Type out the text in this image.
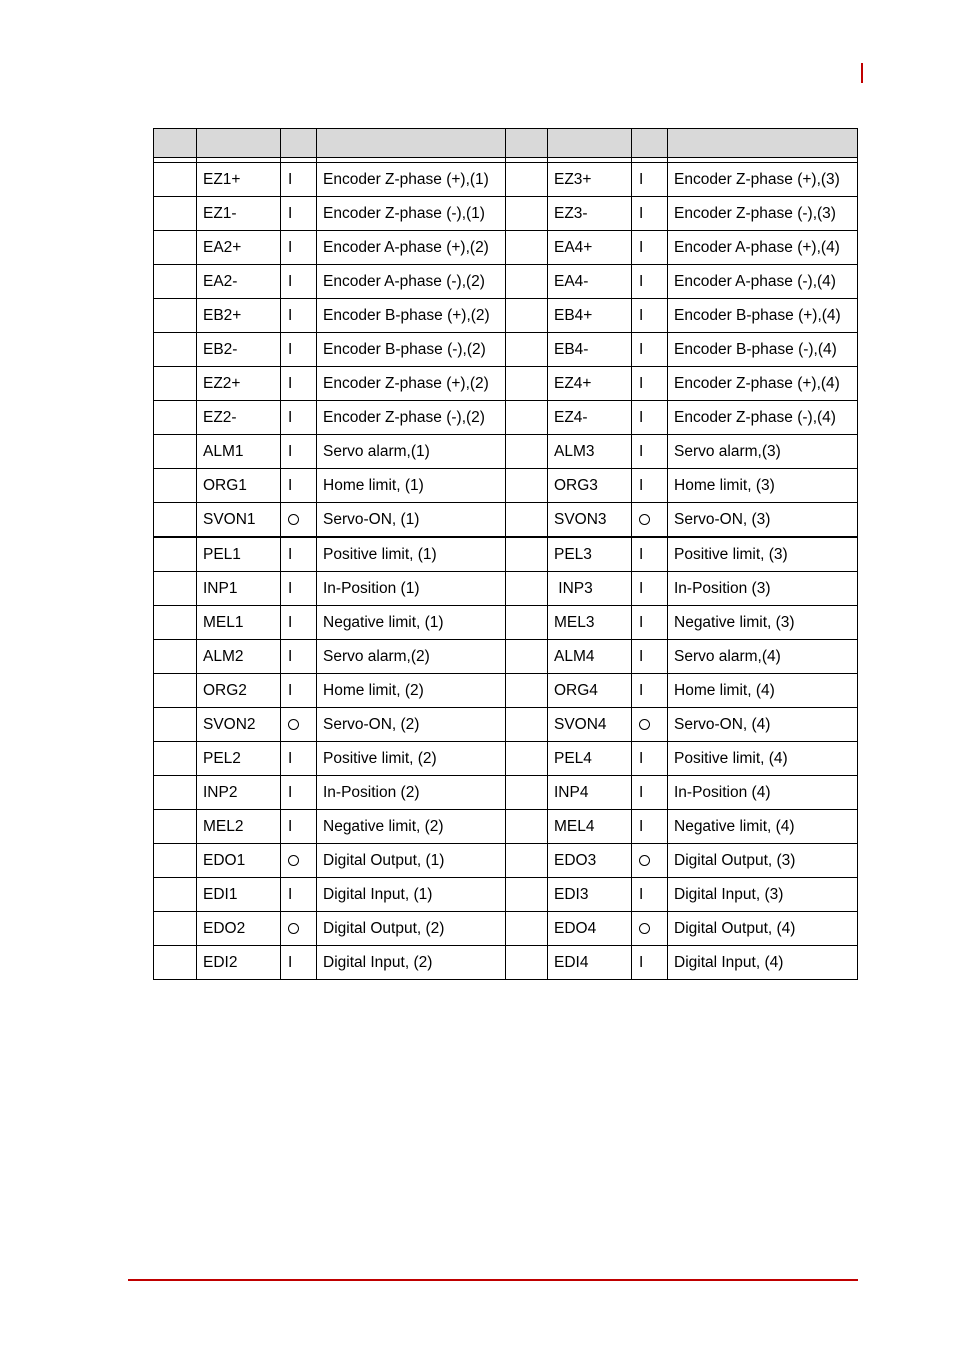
	EZ1+	I	Encoder Z-phase (+),(1)		EZ3+	I	Encoder Z-phase (+),(3)
	EZ1-	I	Encoder Z-phase (-),(1)		EZ3-	I	Encoder Z-phase (-),(3)
	EA2+	I	Encoder A-phase (+),(2)		EA4+	I	Encoder A-phase (+),(4)
	EA2-	I	Encoder A-phase (-),(2)		EA4-	I	Encoder A-phase (-),(4)
	EB2+	I	Encoder B-phase (+),(2)		EB4+	I	Encoder B-phase (+),(4)
	EB2-	I	Encoder B-phase (-),(2)		EB4-	I	Encoder B-phase (-),(4)
	EZ2+	I	Encoder Z-phase (+),(2)		EZ4+	I	Encoder Z-phase (+),(4)
	EZ2-	I	Encoder Z-phase (-),(2)		EZ4-	I	Encoder Z-phase (-),(4)
	ALM1	I	Servo alarm,(1)		ALM3	I	Servo alarm,(3)
	ORG1	I	Home limit, (1)		ORG3	I	Home limit, (3)
	SVON1		Servo-ON, (1)		SVON3		Servo-ON, (3)
	PEL1	I	Positive limit, (1)		PEL3	I	Positive limit, (3)
	INP1	I	In-Position (1)		INP3	I	In-Position (3)
	MEL1	I	Negative limit, (1)		MEL3	I	Negative limit, (3)
	ALM2	I	Servo alarm,(2)		ALM4	I	Servo alarm,(4)
	ORG2	I	Home limit, (2)		ORG4	I	Home limit, (4)
	SVON2		Servo-ON, (2)		SVON4		Servo-ON, (4)
	PEL2	I	Positive limit, (2)		PEL4	I	Positive limit, (4)
	INP2	I	In-Position (2)		INP4	I	In-Position (4)
	MEL2	I	Negative limit, (2)		MEL4	I	Negative limit, (4)
	EDO1		Digital Output, (1)		EDO3		Digital Output, (3)
	EDI1	I	Digital Input, (1)		EDI3	I	Digital Input, (3)
	EDO2		Digital Output, (2)		EDO4		Digital Output, (4)
	EDI2	I	Digital Input, (2)		EDI4	I	Digital Input, (4)
